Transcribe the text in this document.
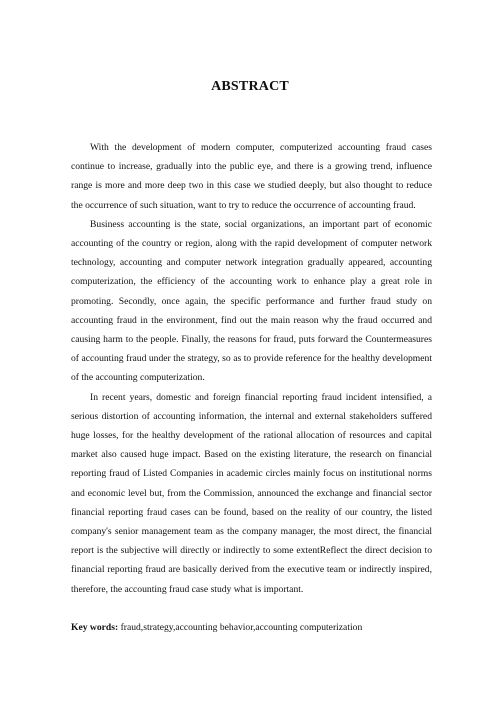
ABSTRACT

With the development of modern computer, computerized accounting fraud cases continue to increase, gradually into the public eye, and there is a growing trend, influence range is more and more deep two in this case we studied deeply, but also thought to reduce the occurrence of such situation, want to try to reduce the occurrence of accounting fraud.

Business accounting is the state, social organizations, an important part of economic accounting of the country or region, along with the rapid development of computer network technology, accounting and computer network integration gradually appeared, accounting computerization, the efficiency of the accounting work to enhance play a great role in promoting. Secondly, once again, the specific performance and further fraud study on accounting fraud in the environment, find out the main reason why the fraud occurred and causing harm to the people. Finally, the reasons for fraud, puts forward the Countermeasures of accounting fraud under the strategy, so as to provide reference for the healthy development of the accounting computerization.

In recent years, domestic and foreign financial reporting fraud incident intensified, a serious distortion of accounting information, the internal and external stakeholders suffered huge losses, for the healthy development of the rational allocation of resources and capital market also caused huge impact. Based on the existing literature, the research on financial reporting fraud of Listed Companies in academic circles mainly focus on institutional norms and economic level but, from the Commission, announced the exchange and financial sector financial reporting fraud cases can be found, based on the reality of our country, the listed company's senior management team as the company manager, the most direct, the financial report is the subjective will directly or indirectly to some extentReflect the direct decision to financial reporting fraud are basically derived from the executive team or indirectly inspired, therefore, the accounting fraud case study what is important.

Key words: fraud,strategy,accounting behavior,accounting computerization
